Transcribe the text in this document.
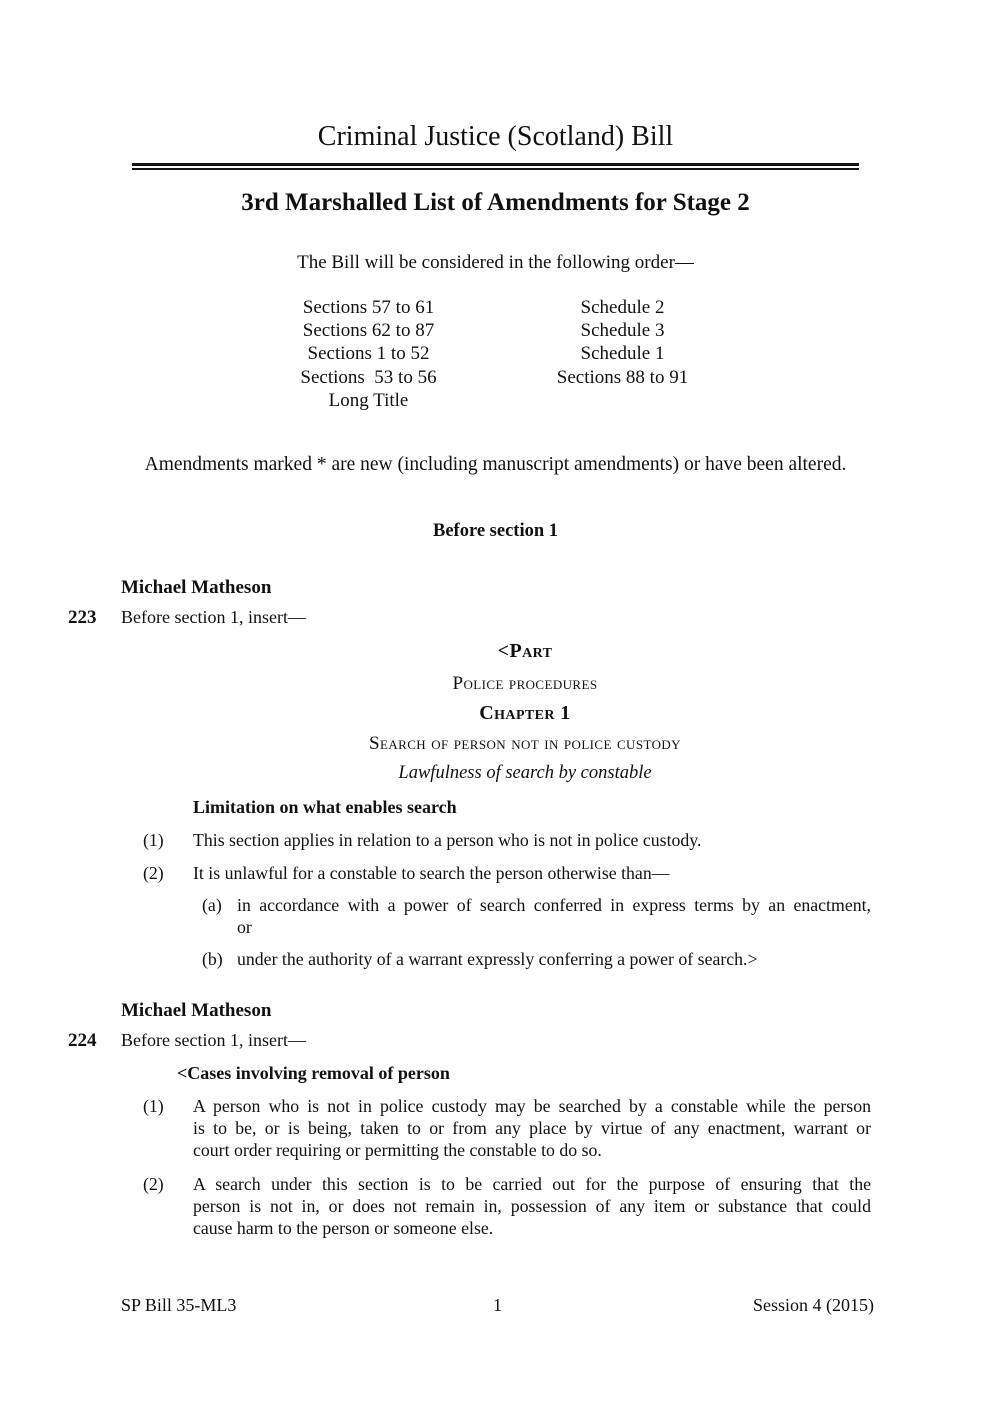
Criminal Justice (Scotland) Bill
3rd Marshalled List of Amendments for Stage 2
The Bill will be considered in the following order—
Sections 57 to 61
Sections 62 to 87
Sections 1 to 52
Sections  53 to 56
Long Title
Schedule 2
Schedule 3
Schedule 1
Sections 88 to 91
Amendments marked * are new (including manuscript amendments) or have been altered.
Before section 1
Michael Matheson
223 Before section 1, insert—
<Part
Police procedures
Chapter 1
Search of person not in police custody
Lawfulness of search by constable
Limitation on what enables search
(1) This section applies in relation to a person who is not in police custody.
(2) It is unlawful for a constable to search the person otherwise than—
(a) in accordance with a power of search conferred in express terms by an enactment,
or
(b) under the authority of a warrant expressly conferring a power of search.>
Michael Matheson
224 Before section 1, insert—
<Cases involving removal of person
(1) A person who is not in police custody may be searched by a constable while the person
is to be, or is being, taken to or from any place by virtue of any enactment, warrant or
court order requiring or permitting the constable to do so.
(2) A search under this section is to be carried out for the purpose of ensuring that the
person is not in, or does not remain in, possession of any item or substance that could
cause harm to the person or someone else.
1
SP Bill 35-ML3	Session 4 (2015)
